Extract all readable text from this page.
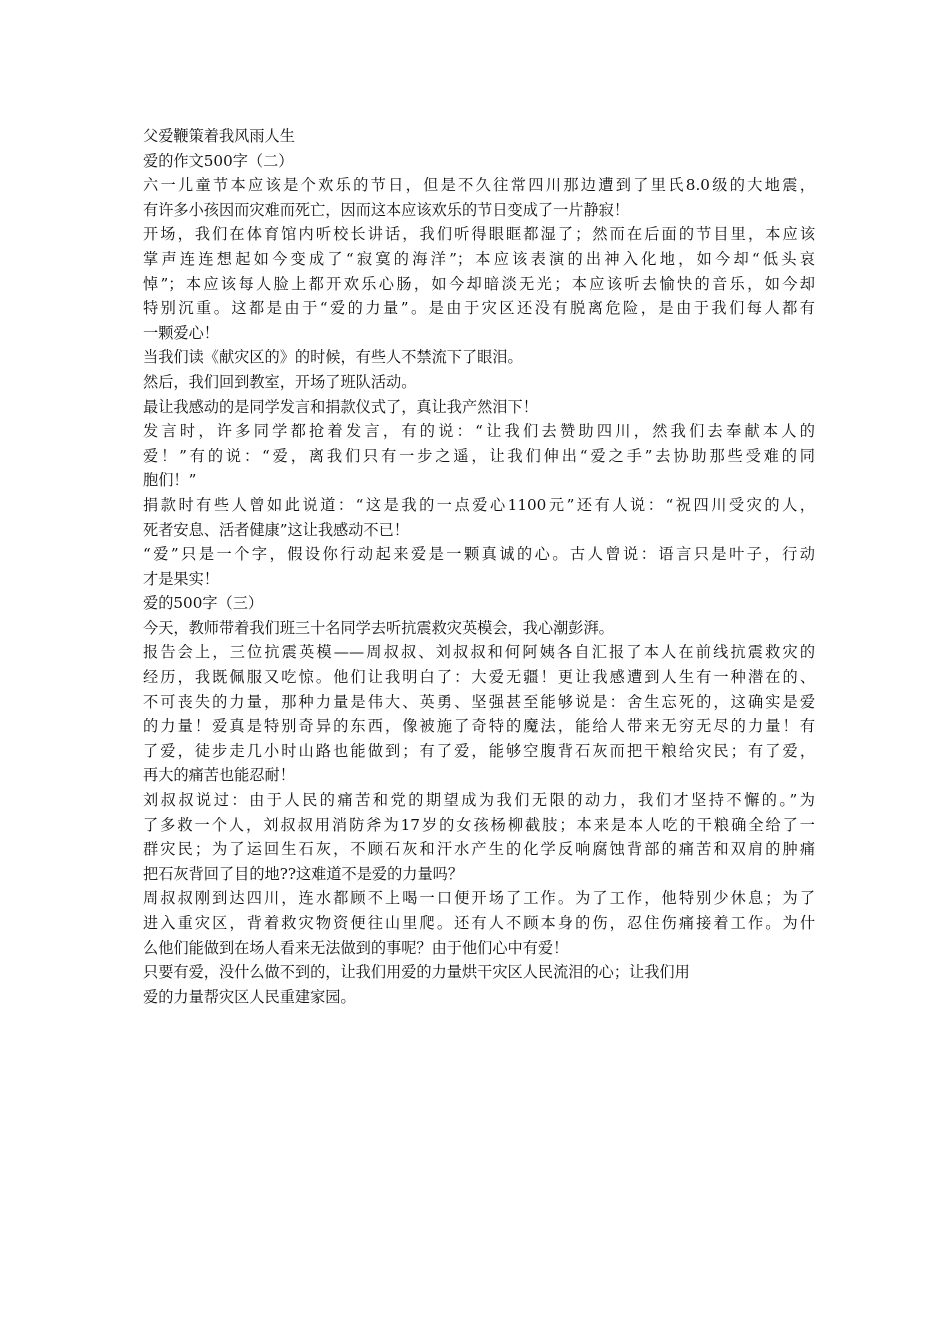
父爱鞭策着我风雨人生

爱的作文500字（二）

六一儿童节本应该是个欢乐的节日，但是不久往常四川那边遭到了里氏8.0级的大地震，

有许多小孩因而灾难而死亡，因而这本应该欢乐的节日变成了一片静寂！

开场，我们在体育馆内听校长讲话，我们听得眼眶都湿了；然而在后面的节目里，本应该

掌声连连想起如今变成了“寂寞的海洋”；本应该表演的出神入化地，如今却“低头哀

悼”；本应该每人脸上都开欢乐心肠，如今却暗淡无光；本应该听去愉快的音乐，如今却

特别沉重。这都是由于“爱的力量”。是由于灾区还没有脱离危险，是由于我们每人都有

一颗爱心！

当我们读《献灾区的》的时候，有些人不禁流下了眼泪。

然后，我们回到教室，开场了班队活动。

最让我感动的是同学发言和捐款仪式了，真让我产然泪下！

发言时，许多同学都抢着发言，有的说：“让我们去赞助四川，然我们去奉献本人的

爱！”有的说：“爱，离我们只有一步之遥，让我们伸出“爱之手”去协助那些受难的同

胞们！”

捐款时有些人曾如此说道：“这是我的一点爱心1100元”还有人说：“祝四川受灾的人，

死者安息、活者健康”这让我感动不已！

“爱”只是一个字，假设你行动起来爱是一颗真诚的心。古人曾说：语言只是叶子，行动

才是果实！

爱的500字（三）

今天，教师带着我们班三十名同学去听抗震救灾英模会，我心潮彭湃。

报告会上，三位抗震英模——周叔叔、刘叔叔和何阿姨各自汇报了本人在前线抗震救灾的

经历，我既佩服又吃惊。他们让我明白了：大爱无疆！更让我感遭到人生有一种潜在的、

不可丧失的力量，那种力量是伟大、英勇、坚强甚至能够说是：舍生忘死的，这确实是爱

的力量！爱真是特别奇异的东西，像被施了奇特的魔法，能给人带来无穷无尽的力量！有

了爱，徒步走几小时山路也能做到；有了爱，能够空腹背石灰而把干粮给灾民；有了爱，

再大的痛苦也能忍耐！

刘叔叔说过：由于人民的痛苦和党的期望成为我们无限的动力，我们才坚持不懈的。”为

了多救一个人，刘叔叔用消防斧为17岁的女孩杨柳截肢；本来是本人吃的干粮确全给了一

群灾民；为了运回生石灰，不顾石灰和汗水产生的化学反响腐蚀背部的痛苦和双肩的肿痛

把石灰背回了目的地??这难道不是爱的力量吗？

周叔叔刚到达四川，连水都顾不上喝一口便开场了工作。为了工作，他特别少休息；为了

进入重灾区，背着救灾物资便往山里爬。还有人不顾本身的伤，忍住伤痛接着工作。为什

么他们能做到在场人看来无法做到的事呢？由于他们心中有爱！

只要有爱，没什么做不到的，让我们用爱的力量烘干灾区人民流泪的心；让我们用

爱的力量帮灾区人民重建家园。
